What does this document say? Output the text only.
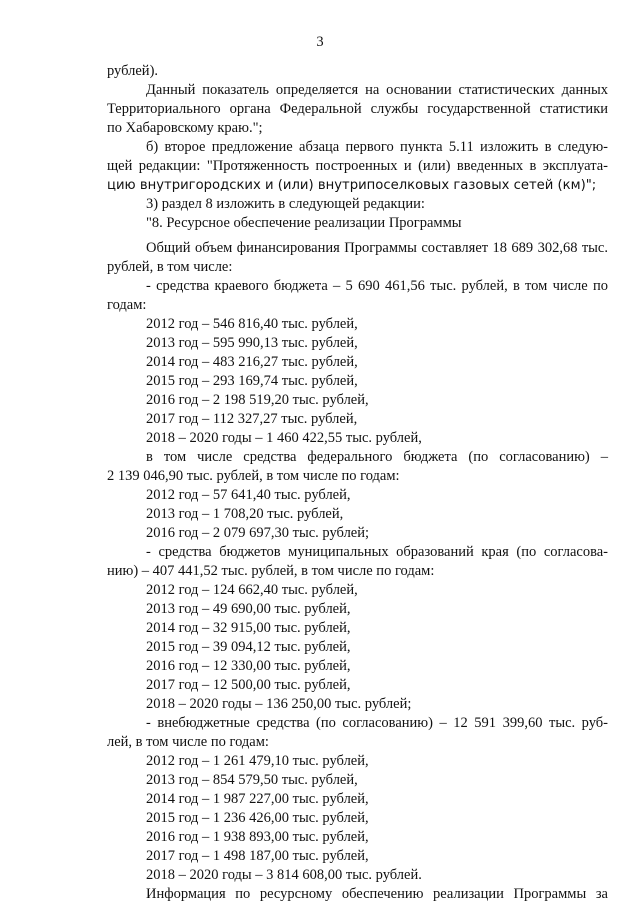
3
рублей).
Данный показатель определяется на основании статистических данных
Территориального органа Федеральной службы государственной статистики
по Хабаровскому краю.";
б) второе предложение абзаца первого пункта 5.11 изложить в следую-
щей редакции: "Протяженность построенных и (или) введенных в эксплуата-
цию внутригородских и (или) внутрипоселковых газовых сетей (км)";
3) раздел 8 изложить в следующей редакции:
"8. Ресурсное обеспечение реализации Программы
Общий объем финансирования Программы составляет 18 689 302,68 тыс.
рублей, в том числе:
- средства краевого бюджета – 5 690 461,56 тыс. рублей, в том числе по
годам:
2012 год – 546 816,40 тыс. рублей,
2013 год – 595 990,13 тыс. рублей,
2014 год – 483 216,27 тыс. рублей,
2015 год – 293 169,74 тыс. рублей,
2016 год – 2 198 519,20 тыс. рублей,
2017 год – 112 327,27 тыс. рублей,
2018 – 2020 годы – 1 460 422,55 тыс. рублей,
в том числе средства федерального бюджета (по согласованию) –
2 139 046,90 тыс. рублей, в том числе по годам:
2012 год – 57 641,40 тыс. рублей,
2013 год – 1 708,20 тыс. рублей,
2016 год – 2 079 697,30 тыс. рублей;
- средства бюджетов муниципальных образований края (по согласова-
нию) – 407 441,52 тыс. рублей, в том числе по годам:
2012 год – 124 662,40 тыс. рублей,
2013 год – 49 690,00 тыс. рублей,
2014 год – 32 915,00 тыс. рублей,
2015 год – 39 094,12 тыс. рублей,
2016 год – 12 330,00 тыс. рублей,
2017 год – 12 500,00 тыс. рублей,
2018 – 2020 годы – 136 250,00 тыс. рублей;
- внебюджетные средства (по согласованию) – 12 591 399,60 тыс. руб-
лей, в том числе по годам:
2012 год – 1 261 479,10 тыс. рублей,
2013 год – 854 579,50 тыс. рублей,
2014 год – 1 987 227,00 тыс. рублей,
2015 год – 1 236 426,00 тыс. рублей,
2016 год – 1 938 893,00 тыс. рублей,
2017 год – 1 498 187,00 тыс. рублей,
2018 – 2020 годы – 3 814 608,00 тыс. рублей.
Информация по ресурсному обеспечению реализации Программы за
